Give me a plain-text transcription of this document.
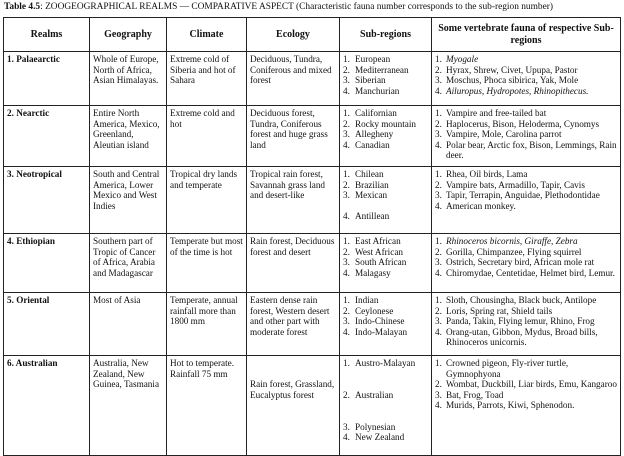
Table 4.5: ZOOGEOGRAPHICAL REALMS — COMPARATIVE ASPECT (Characteristic fauna number corresponds to the sub-region number)
Realms	Geography	Climate	Ecology	Sub-regions	Some vertebrate fauna of respective Sub-regions
1. Palaearctic	Whole of Europe, North of Africa, Asian Himalayas.	Extreme cold of Siberia and hot of Sahara	Deciduous, Tundra, Coniferous and mixed forest	1. European
2. Mediterranean
3. Siberian
4. Manchurian	1. Myogale
2. Hyrax, Shrew, Civet, Upupa, Pastor
3. Moschus, Phoca sibirica, Yak, Mole
4. Ailuropus, Hydropotes, Rhinopithecus.

2. Nearctic	Entire North America, Mexico, Greenland, Aleutian island	Extreme cold and hot	Deciduous forest, Tundra, Coniferous forest and huge grass land	1. Californian
2. Rocky mountain
3. Allegheny
4. Canadian	1. Vampire and free-tailed bat
2. Haplocerus, Bison, Heloderma, Cynomys
3. Vampire, Mole, Carolina parrot
4. Polar bear, Arctic fox, Bison, Lemmings, Rain deer.

3. Neotropical	South and Central America, Lower Mexico and West Indies	Tropical dry lands and temperate	Tropical rain forest, Savannah grass land and desert-like	1. Chilean
2. Brazilian
3. Mexican
4. Antillean	1. Rhea, Oil birds, Lama
2. Vampire bats, Armadillo, Tapir, Cavis
3. Tapir, Terrapin, Anguidae, Plethodontidae
4. American monkey.

4. Ethiopian	Southern part of Tropic of Cancer of Africa, Arabia and Madagascar	Temperate but most of the time is hot	Rain forest, Deciduous forest and desert	1. East African
2. West African
3. South African
4. Malagasy	1. Rhinoceros bicornis, Giraffe, Zebra
2. Gorilla, Chimpanzee, Flying squirrel
3. Ostrich, Secretary bird, African mole rat
4. Chiromydae, Centetidae, Helmet bird, Lemur.

5. Oriental	Most of Asia	Temperate, annual rainfall more than 1800 mm	Eastern dense rain forest, Western desert and other part with moderate forest	1. Indian
2. Ceylonese
3. Indo-Chinese
4. Indo-Malayan	1. Sloth, Chousingha, Black buck, Antilope
2. Loris, Spring rat, Shield tails
3. Panda, Takin, Flying lemur, Rhino, Frog
4. Orang-utan, Gibbon, Mydus, Broad bills, Rhinoceros unicornis.

6. Australian	Australia, New Zealand, New Guinea, Tasmania	Hot to temperate. Rainfall 75 mm	Rain forest, Grassland, Eucalyptus forest	1. Austro-Malayan
2. Australian
3. Polynesian
4. New Zealand	1. Crowned pigeon, Fly-river turtle, Gymnophyona
2. Wombat, Duckbill, Liar birds, Emu, Kangaroo
3. Bat, Frog, Toad
4. Murids, Parrots, Kiwi, Sphenodon.
